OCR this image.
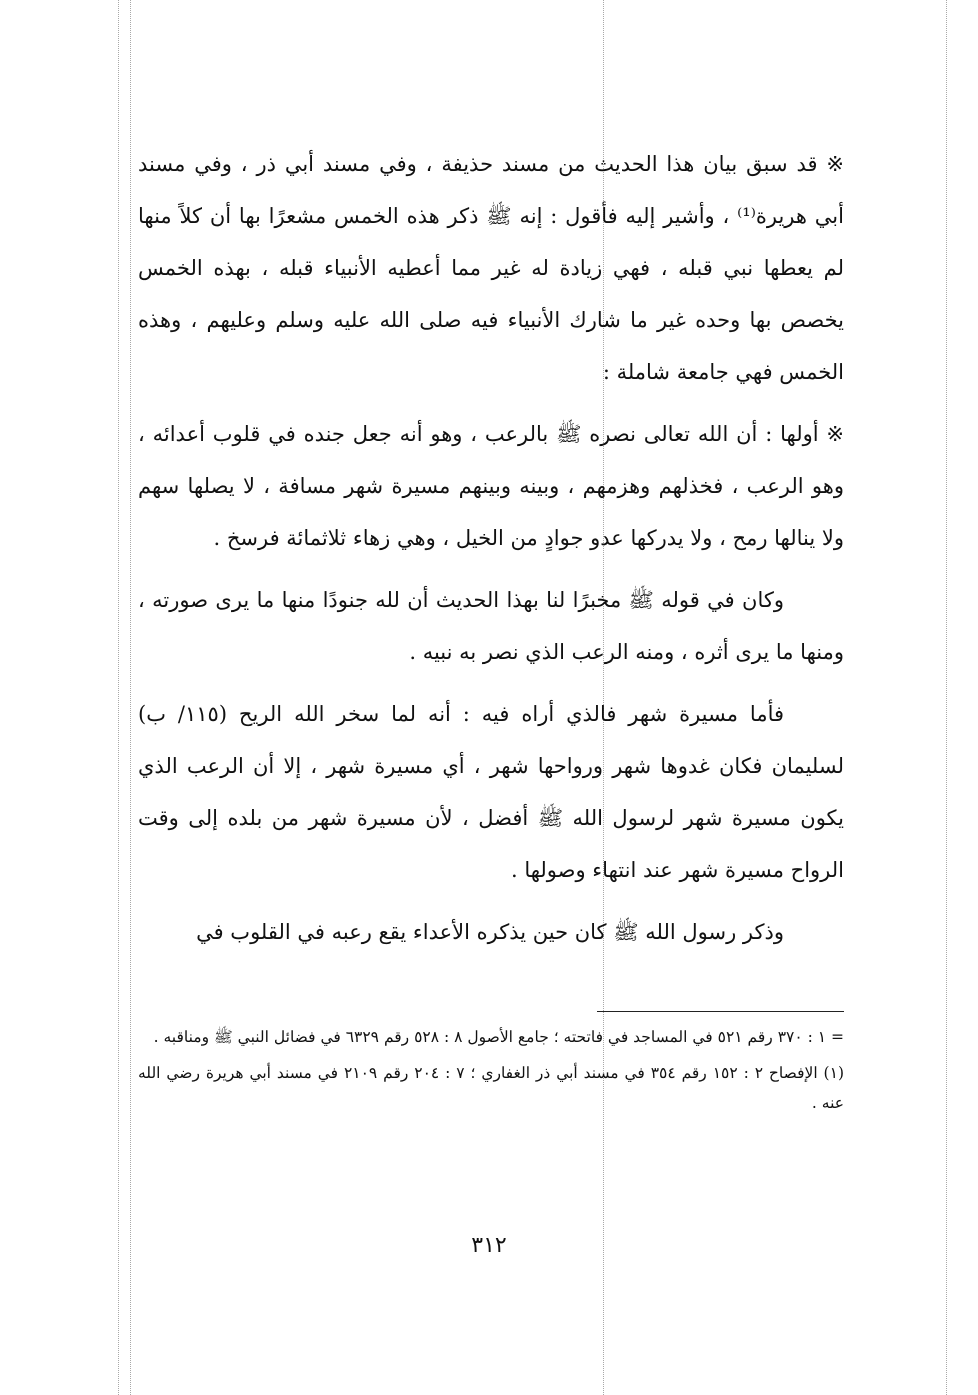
※ قد سبق بيان هذا الحديث من مسند حذيفة ، وفي مسند أبي ذر ، وفي مسند أبي هريرة⁽¹⁾ ، وأشير إليه فأقول : إنه ﷺ ذكر هذه الخمس مشعرًا بها أن كلاً منها لم يعطها نبي قبله ، فهي زيادة له غير مما أعطيه الأنبياء قبله ، بهذه الخمس يخصص بها وحده غير ما شارك الأنبياء فيه صلى الله عليه وسلم وعليهم ، وهذه الخمس فهي جامعة شاملة :
※ أولها : أن الله تعالى نصره ﷺ بالرعب ، وهو أنه جعل جنده في قلوب أعدائه ، وهو الرعب ، فخذلهم وهزمهم ، وبينه وبينهم مسيرة شهر مسافة ، لا يصلها سهم ولا ينالها رمح ، ولا يدركها عدو جوادٍ من الخيل ، وهي زهاء ثلاثمائة فرسخ .
وكان في قوله ﷺ مخبرًا لنا بهذا الحديث أن لله جنودًا منها ما يرى صورته ، ومنها ما يرى أثره ، ومنه الرعب الذي نصر به نبيه .
فأما مسيرة شهر فالذي أراه فيه : أنه لما سخر الله الريح (١١٥/ ب) لسليمان فكان غدوها شهر ورواحها شهر ، أي مسيرة شهر ، إلا أن الرعب الذي يكون مسيرة شهر لرسول الله ﷺ أفضل ، لأن مسيرة شهر من بلده إلى وقت الرواح مسيرة شهر عند انتهاء وصولها .
وذكر رسول الله ﷺ كان حين يذكره الأعداء يقع رعبه في القلوب في

= ١ : ٣٧٠ رقم ٥٢١ في المساجد في فاتحته ؛ جامع الأصول ٨ : ٥٢٨ رقم ٦٣٢٩ في فضائل النبي ﷺ ومناقبه .

(١) الإفصاح ٢ : ١٥٢ رقم ٣٥٤ في مسند أبي ذر الغفاري ؛ ٧ : ٢٠٤ رقم ٢١٠٩ في مسند أبي هريرة رضي الله عنه .

٣١٢
